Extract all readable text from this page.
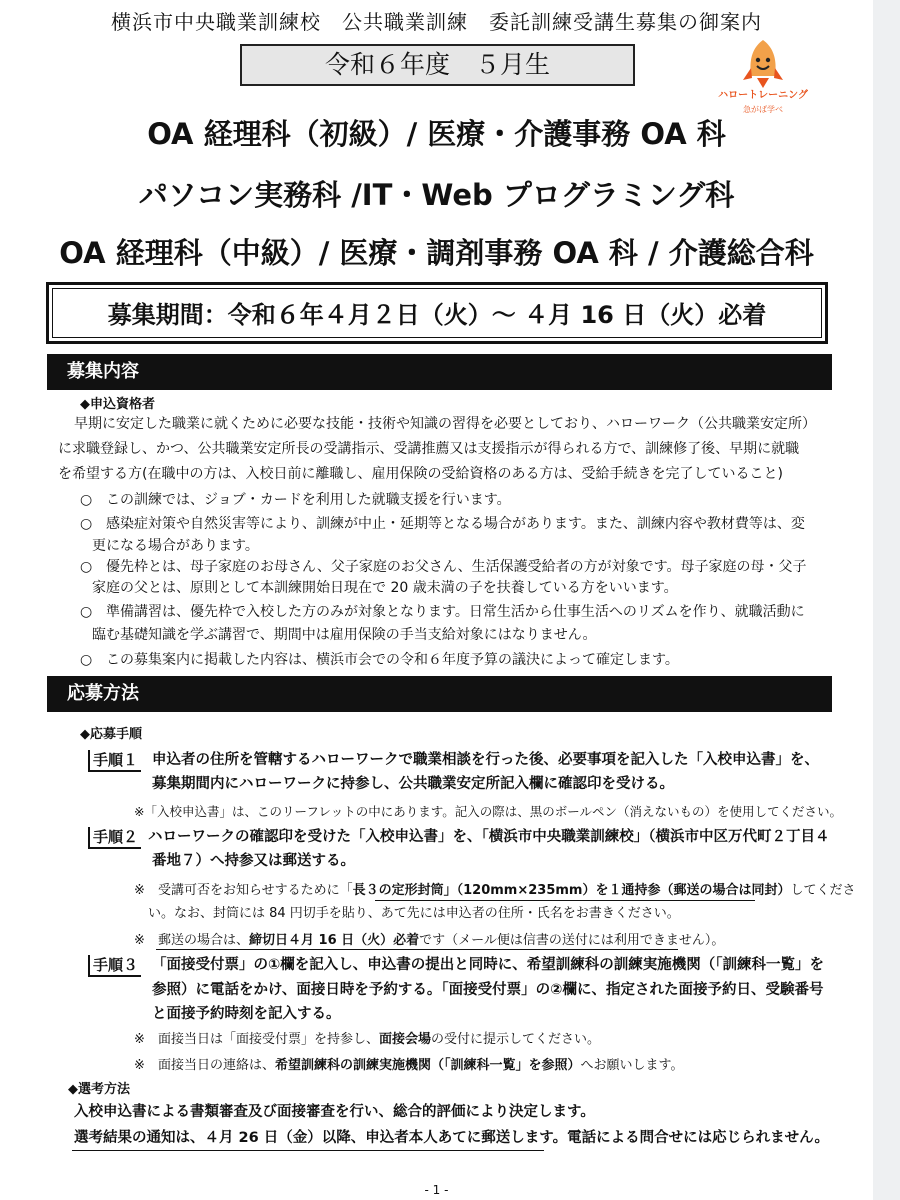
横浜市中央職業訓練校　公共職業訓練　委託訓練受講生募集の御案内
令和６年度　５月生
ハロートレーニング
急がば学べ
OA 経理科（初級）/ 医療・介護事務 OA 科
パソコン実務科 /IT・Web プログラミング科
OA 経理科（中級）/ 医療・調剤事務 OA 科 / 介護総合科
募集期間：令和６年４月２日（火）～ ４月 16 日（火）必着
募集内容
◆申込資格者
早期に安定した職業に就くために必要な技能・技術や知識の習得を必要としており、ハローワーク（公共職業安定所）
に求職登録し、かつ、公共職業安定所長の受講指示、受講推薦又は支援指示が得られる方で、訓練修了後、早期に就職
を希望する方(在職中の方は、入校日前に離職し、雇用保険の受給資格のある方は、受給手続きを完了していること)
○ この訓練では、ジョブ・カードを利用した就職支援を行います。
○ 感染症対策や自然災害等により、訓練が中止・延期等となる場合があります。また、訓練内容や教材費等は、変
更になる場合があります。
○ 優先枠とは、母子家庭のお母さん、父子家庭のお父さん、生活保護受給者の方が対象です。母子家庭の母・父子
家庭の父とは、原則として本訓練開始日現在で 20 歳未満の子を扶養している方をいいます。
○ 準備講習は、優先枠で入校した方のみが対象となります。日常生活から仕事生活へのリズムを作り、就職活動に
臨む基礎知識を学ぶ講習で、期間中は雇用保険の手当支給対象にはなりません。
○ この募集案内に掲載した内容は、横浜市会での令和６年度予算の議決によって確定します。
応募方法
◆応募手順
手順１ 申込者の住所を管轄するハローワークで職業相談を行った後、必要事項を記入した「入校申込書」を、
募集期間内にハローワークに持参し、公共職業安定所記入欄に確認印を受ける。
※「入校申込書」は、このリーフレットの中にあります。記入の際は、黒のボールペン（消えないもの）を使用してください。
手順２ ハローワークの確認印を受けた「入校申込書」を、「横浜市中央職業訓練校」（横浜市中区万代町２丁目４
番地７）へ持参又は郵送する。
※ 受講可否をお知らせするために「長３の定形封筒」（120mm×235mm）を１通持参（郵送の場合は同封）してくださ
い。なお、封筒には 84 円切手を貼り、あて先には申込者の住所・氏名をお書きください。
※ 郵送の場合は、締切日４月 16 日（火）必着です（メール便は信書の送付には利用できません）。
手順３ 「面接受付票」の①欄を記入し、申込書の提出と同時に、希望訓練科の訓練実施機関（「訓練科一覧」を
参照）に電話をかけ、面接日時を予約する。「面接受付票」の②欄に、指定された面接予約日、受験番号
と面接予約時刻を記入する。
※ 面接当日は「面接受付票」を持参し、面接会場の受付に提示してください。
※ 面接当日の連絡は、希望訓練科の訓練実施機関（「訓練科一覧」を参照）へお願いします。
◆選考方法
入校申込書による書類審査及び面接審査を行い、総合的評価により決定します。
選考結果の通知は、４月 26 日（金）以降、申込者本人あてに郵送します。電話による問合せには応じられません。
- 1 -
